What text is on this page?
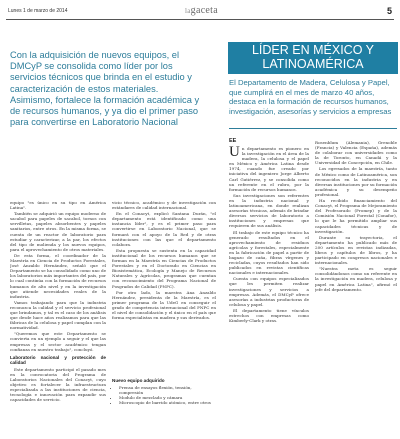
Lunes 1 de marzo de 2014	lagaceta	5
Con la adquisición de nuevos equipos, el DMCyP se consolida como líder por los servicios técnicos que brinda en el estudio y caracterización de estos materiales. Asimismo, fortalece la formación académica y de recursos humanos, y ya dio el primer paso para convertirse en Laboratorio Nacional
LÍDER EN MÉXICO Y
LATINOAMÉRICA
El Departamento de Madera, Celulosa y Papel, que cumplirá en el mes de marzo 40 años, destaca en la formación de recursos humanos, investigación, asesorías y servicios a empresas

equipo "es único en su tipo en América Latina".

También se adquirió un equipo moderno de sacabol para papeles de sacabol, tornos con servilletas, papeles absorbentes y papeles sanitarios, entre otros. En la misma forma, se cuenta de un reactor de laboratorio para estudiar y caracterizar, a la par, los efectos del tipo de molienda y los nuevos equipos, para el aprovechamiento de otros materiales.

De esta forma, el coordinador de la Maestría en Ciencia de Productos Forestales, José Anzaldo Hernández, señaló que el Departamento se ha consolidado como uno de los laboratorios más importantes del país, por lo cual continúa con la formación de recursos humanos de alto nivel y en la investigación que atiende necesidades reales de la industria.

Vamos trabajando para que la industria reconozca la calidad y el servicio profesional que brindamos, y tal es el caso de los análisis que desde hace años realizamos para que las fábricas de la celulosa y papel cumplan con la normatividad.

"Queremos que este Departamento se convierta en un ejemplo a seguir y el que las empresas y el sector académico tengan confianza en nuestro trabajo", concluyó.

Laboratorio nacional y protección de calidad

Este departamento participó el pasado mes en la convocatoria del Programa de Laboratorios Nacionales del Conacyt, cuyo objetivo es fortalecer la infraestructura especializada a las instituciones de ciencia, tecnología e innovación para expandir sus capacidades de servicio.

vicio técnico, académico y de investigación con estándares de calidad internacional.

En el Conacyt, explicó Santana Durán, "el departamento está identificado como una instancia líder", y es el primer paso para convertirse en Laboratorio Nacional, que se formará con el apoyo de la Red y de otras instituciones con las que el departamento colabora.

Esta propuesta se sustenta en la capacidad institucional de los recursos humanos que se forman en la Maestría en Ciencias de Productos Forestales y en el Doctorado en Ciencias en Biosistemática, Ecología y Manejo de Recursos Naturales y Agrícolas, programas que cuentan con reconocimiento del Programa Nacional de Posgrados de Calidad (PNPC).

Por otro lado, la maestra Ana Anzaldo Hernández, presidenta de la Maestría, es el primer programa de la UdeG en conseguir el grado de competencia internacional del PNPC en el nivel de consolidación y el único en el país que forma especialistas en madera y sus derivados.

Nuevo equipo adquirido
• Prensa de ensayos flexión, tensión, compresión
• Modulo de mezclado y cámara
• Microscopio de barrido atómico, entre otros
EE

Un departamento es pionero en la investigación en el área de la madera, la celulosa y el papel en México y América Latina desde 1974, cuando fue creado por iniciativa del ingeniero Jorge Alberto Carl Gutiérrez, y se consolida como un referente en el rubro, por la formación de recursos humanos.

Sus investigaciones son referentes en la industria nacional y latinoamericana, en donde realizan asesorías técnicas, además de brindar diversos servicios de laboratorio a instituciones y empresas que requieren de sus análisis.

El trabajo de este equipo técnico ha generado resultados en el aprovechamiento de residuos agrícolas y forestales, especialmente en la fabricación de papel a partir de bagazo de caña, fibras vírgenes y recicladas, cuyos resultados han sido publicados en revistas científicas nacionales e internacionales.

Cuenta con equipos especializados que les permiten realizar investigaciones y servicios a empresas. Además, el DMCyP ofrece asesorías a industrias productoras de celulosa y papel.

El departamento tiene vínculos estrechos con empresas como Kimberly-Clark y otras.

Rosenblum (Alemania), Grenoble (Francia) y Valencia (España), además de colaborar con universidades como la de Toronto, en Canadá y la Universidad de Concepción, en Chile.

Los egresados de la maestría, tanto de México como de Latinoamérica, son reconocidos en la industria y en diversas instituciones por su formación académica y su desempeño profesional.

Ha recibido financiamiento del Conacyt, el Programa de Mejoramiento del Profesorado (Promep) y de la Comisión Nacional Forestal (Conafor), lo que le ha permitido ampliar sus capacidades técnicas y de investigación.

Durante su trayectoria, el departamento ha publicado más de 200 artículos en revistas indizadas, libros y capítulos de libros, y ha participado en congresos nacionales e internacionales.

"Nuestra meta es seguir consolidándonos como un referente en la investigación en madera, celulosa y papel en América Latina", afirmó el jefe del departamento.
